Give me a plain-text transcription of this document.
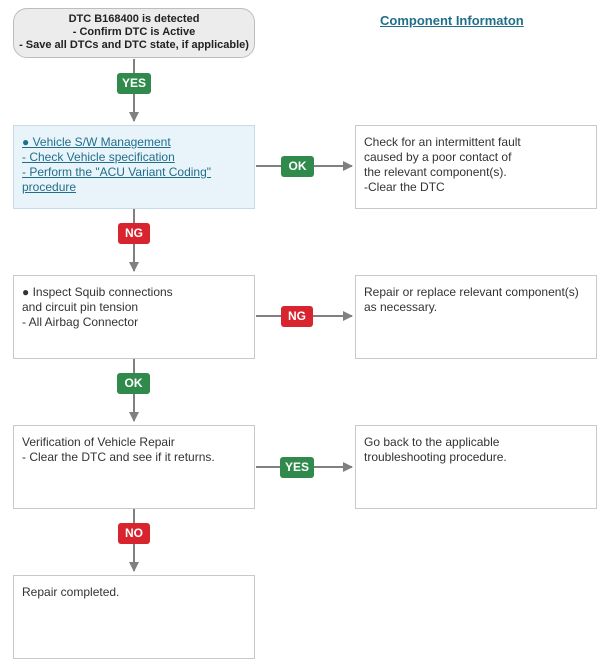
DTC B168400 is detected
- Confirm DTC is Active
- Save all DTCs and DTC state, if applicable)
Component Informaton
● Vehicle S/W Management
- Check Vehicle specification
- Perform the "ACU Variant Coding"
procedure
Check for an intermittent fault
caused by a poor contact of
the relevant component(s).
-Clear the DTC
● Inspect Squib connections
and circuit pin tension
- All Airbag Connector
Repair or replace relevant component(s)
as necessary.
Verification of Vehicle Repair
- Clear the DTC and see if it returns.
Go back to the applicable
troubleshooting procedure.
Repair completed.
YES
OK
NG
NG
OK
YES
NO
